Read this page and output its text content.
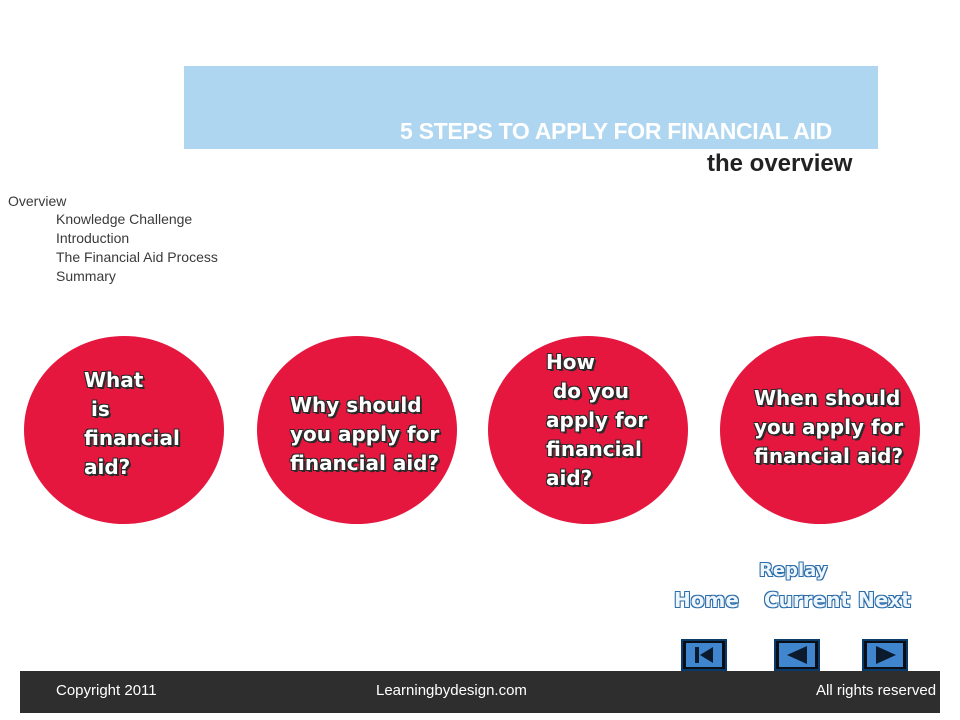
5 STEPS TO APPLY FOR FINANCIAL AID
the overview
Overview
Knowledge Challenge
Introduction
The Financial Aid Process
Summary
What
is
financial
aid?
Why should
you apply for
financial aid?
How
do you
apply for
financial
aid?
When should
you apply for
financial aid?
Replay
Home Current Next
Copyright 2011	Learningbydesign.com	All rights reserved
